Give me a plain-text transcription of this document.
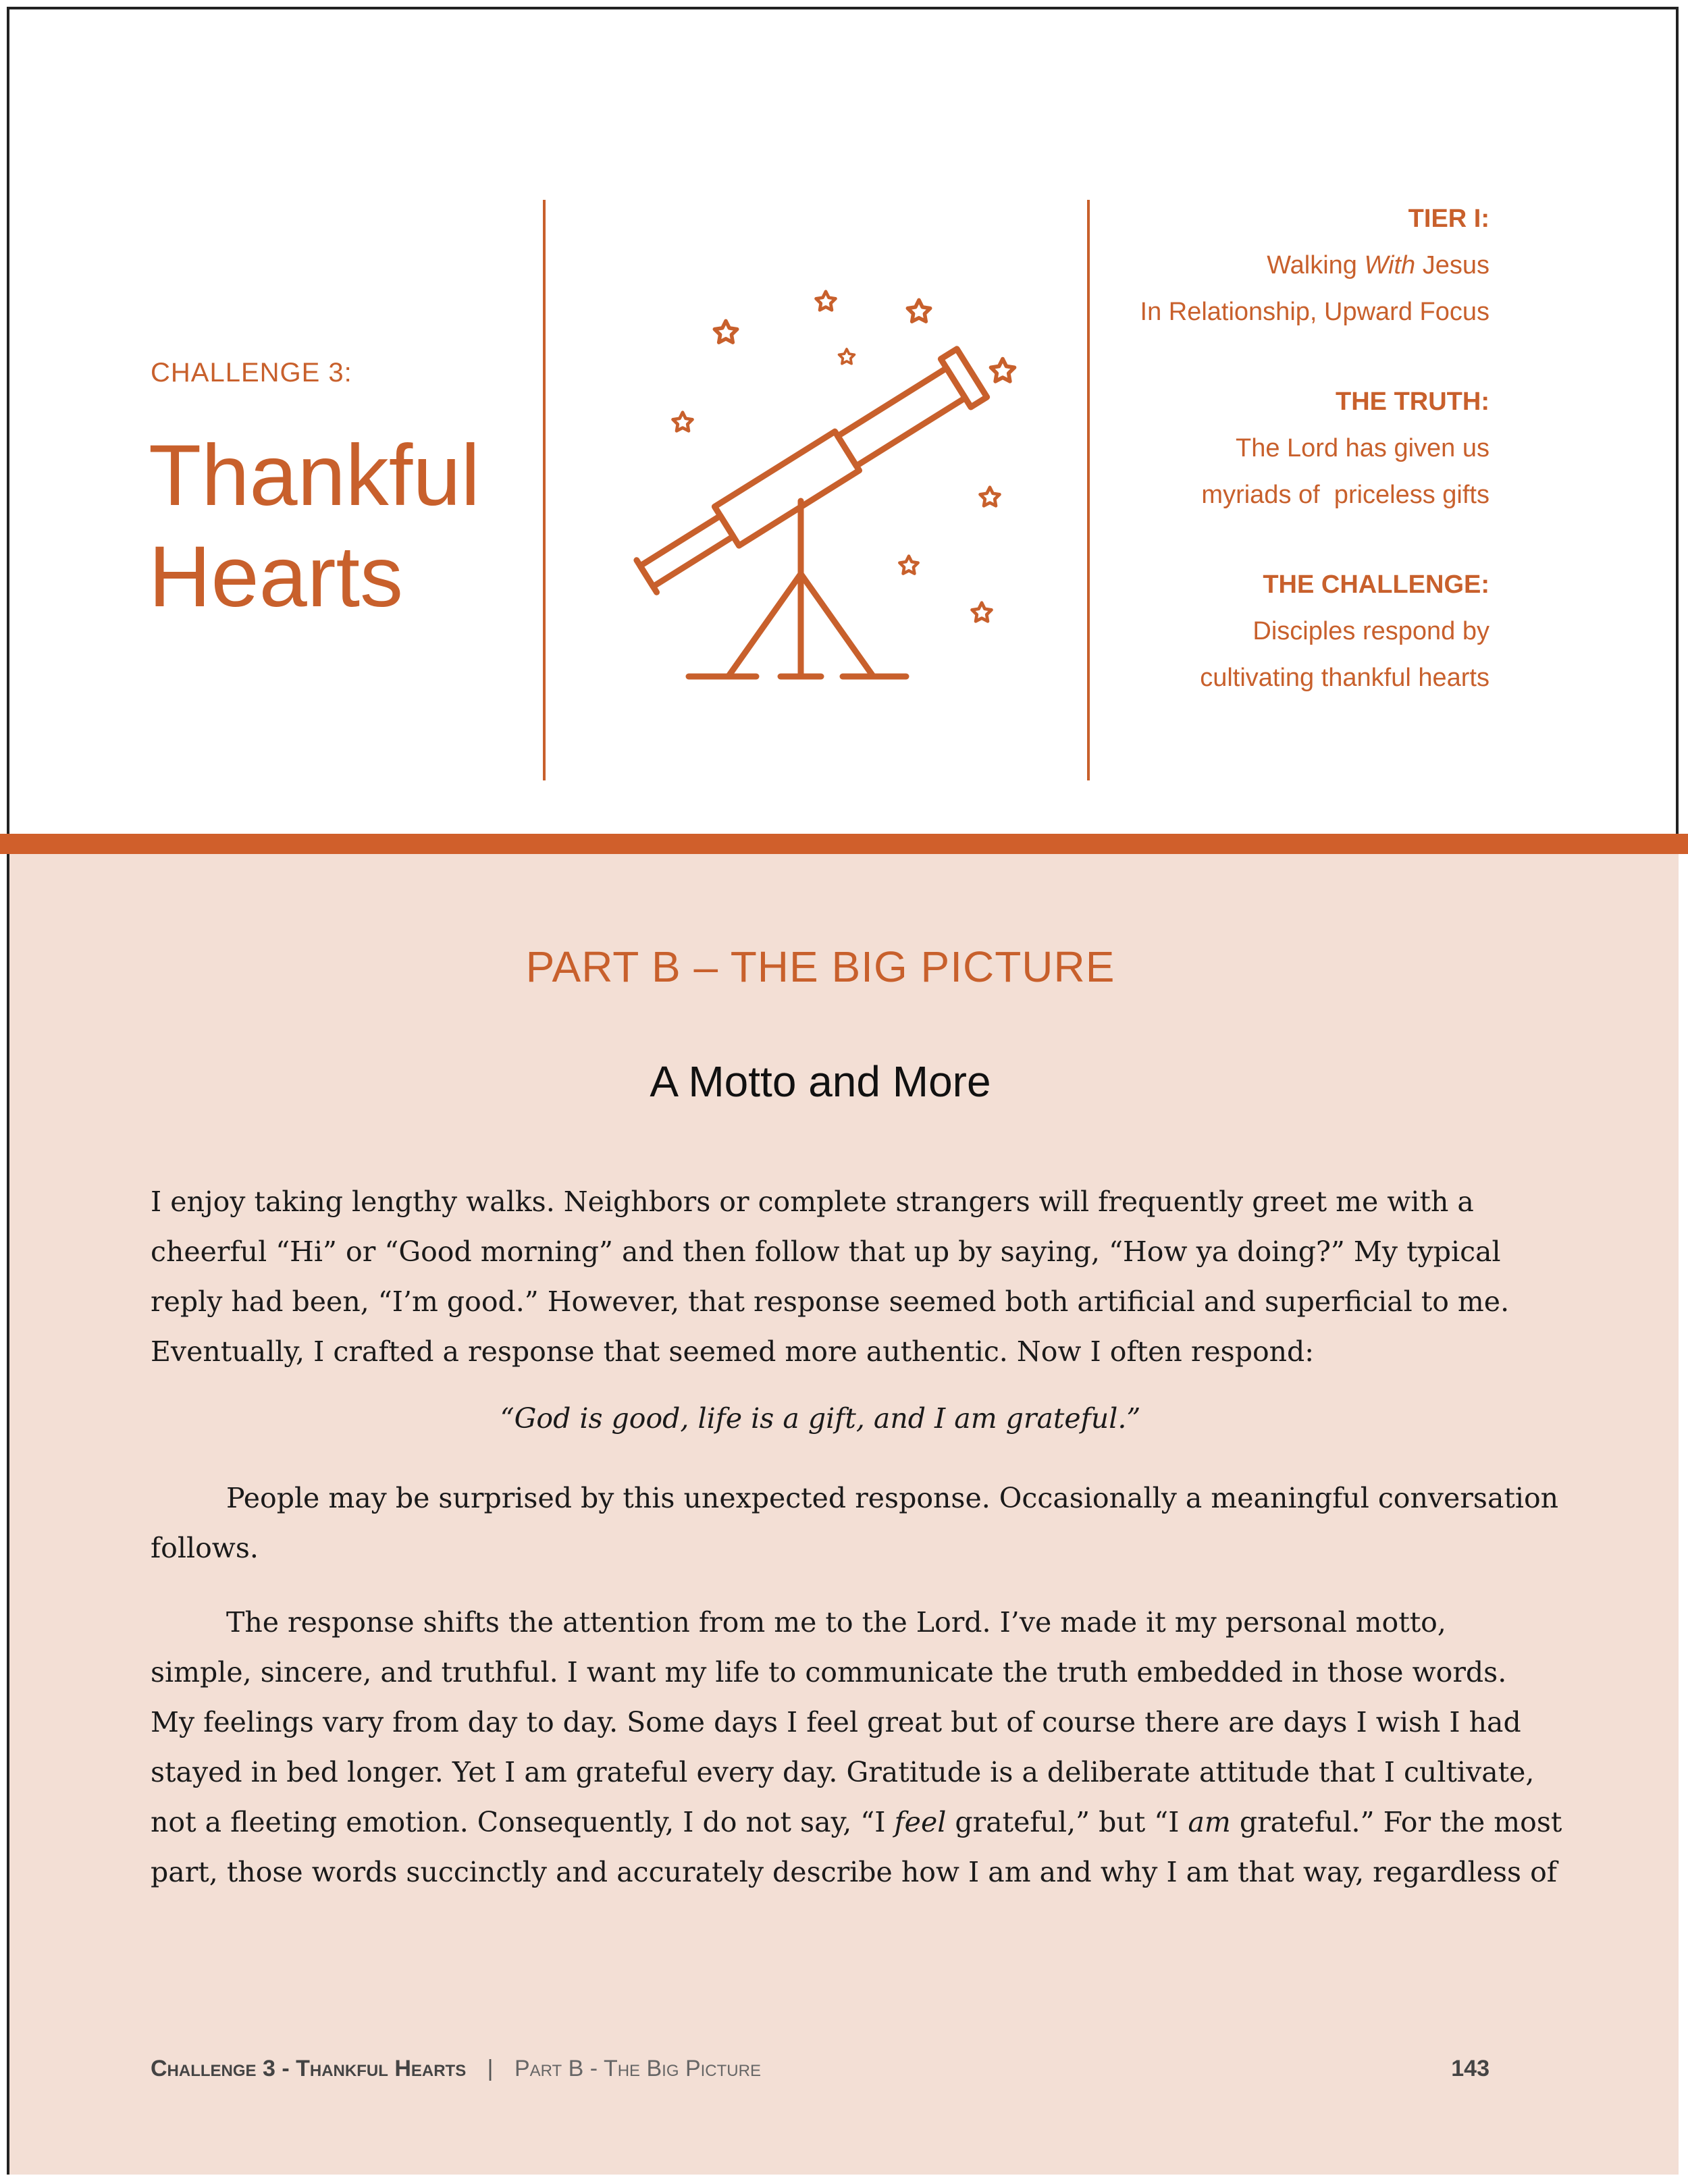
CHALLENGE 3:
Thankful
Hearts
TIER I:
Walking With Jesus
In Relationship, Upward Focus
THE TRUTH:
The Lord has given us
myriads of  priceless gifts
THE CHALLENGE:
Disciples respond by
cultivating thankful hearts
PART B – THE BIG PICTURE
A Motto and More
I enjoy taking lengthy walks. Neighbors or complete strangers will frequently greet me with a
cheerful “Hi” or “Good morning” and then follow that up by saying, “How ya doing?” My typical
reply had been, “I’m good.” However, that response seemed both artificial and superficial to me.
Eventually, I crafted a response that seemed more authentic. Now I often respond:
“God is good, life is a gift, and I am grateful.”
People may be surprised by this unexpected response. Occasionally a meaningful conversation
follows.
The response shifts the attention from me to the Lord. I’ve made it my personal motto,
simple, sincere, and truthful. I want my life to communicate the truth embedded in those words.
My feelings vary from day to day. Some days I feel great but of course there are days I wish I had
stayed in bed longer. Yet I am grateful every day. Gratitude is a deliberate attitude that I cultivate,
not a fleeting emotion. Consequently, I do not say, “I feel grateful,” but “I am grateful.” For the most
part, those words succinctly and accurately describe how I am and why I am that way, regardless of
Challenge 3 - Thankful Hearts | Part B - The Big Picture	143
